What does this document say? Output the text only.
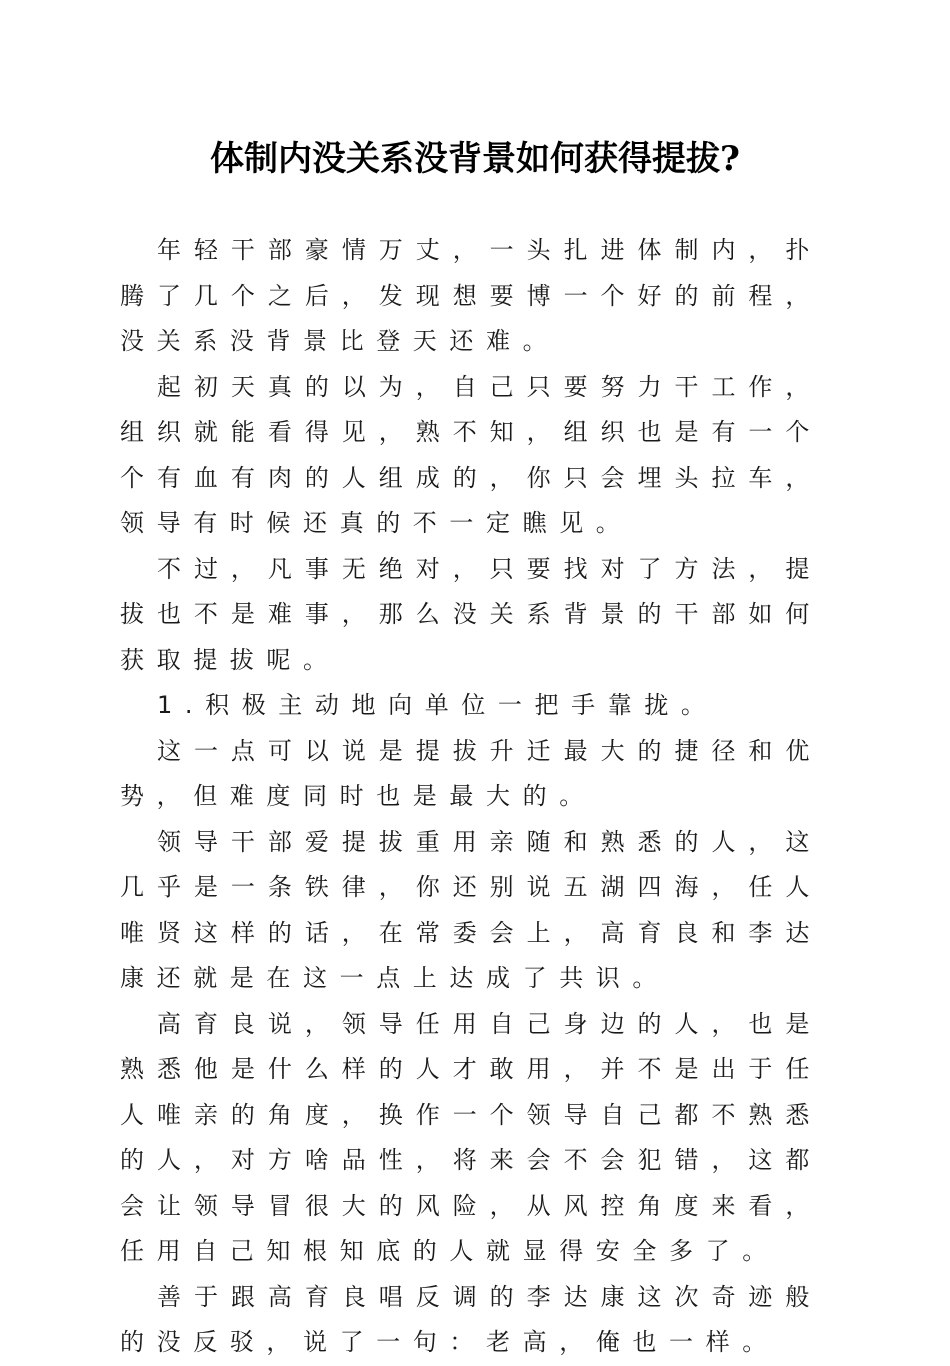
体制内没关系没背景如何获得提拔?

年轻干部豪情万丈，一头扎进体制内，扑腾了几个之后，发现想要博一个好的前程，没关系没背景比登天还难。

起初天真的以为，自己只要努力干工作，组织就能看得见，熟不知，组织也是有一个个有血有肉的人组成的，你只会埋头拉车，领导有时候还真的不一定瞧见。

不过，凡事无绝对，只要找对了方法，提拔也不是难事，那么没关系背景的干部如何获取提拔呢。

1.积极主动地向单位一把手靠拢。

这一点可以说是提拔升迁最大的捷径和优势，但难度同时也是最大的。

领导干部爱提拔重用亲随和熟悉的人，这几乎是一条铁律，你还别说五湖四海，任人唯贤这样的话，在常委会上，高育良和李达康还就是在这一点上达成了共识。

高育良说，领导任用自己身边的人，也是熟悉他是什么样的人才敢用，并不是出于任人唯亲的角度，换作一个领导自己都不熟悉的人，对方啥品性，将来会不会犯错，这都会让领导冒很大的风险，从风控角度来看，任用自己知根知底的人就显得安全多了。

善于跟高育良唱反调的李达康这次奇迹般的没反驳，说了一句：老高，俺也一样。
